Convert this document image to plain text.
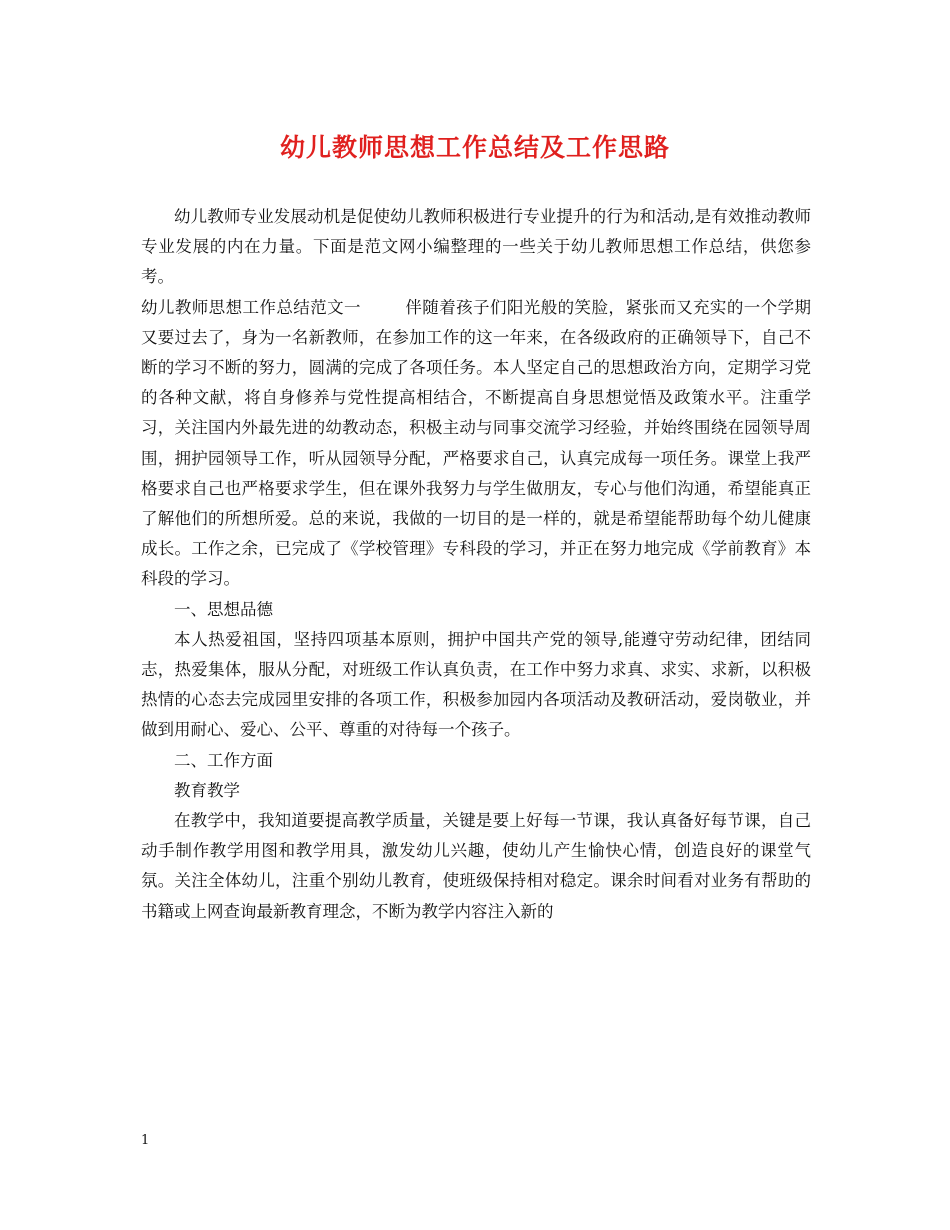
幼儿教师思想工作总结及工作思路

幼儿教师专业发展动机是促使幼儿教师积极进行专业提升的行为和活动,是有效推动教师专业发展的内在力量。下面是范文网小编整理的一些关于幼儿教师思想工作总结，供您参考。

幼儿教师思想工作总结范文一	伴随着孩子们阳光般的笑脸，紧张而又充实的一个学期又要过去了，身为一名新教师，在参加工作的这一年来，在各级政府的正确领导下，自己不断的学习不断的努力，圆满的完成了各项任务。本人坚定自己的思想政治方向，定期学习党的各种文献，将自身修养与党性提高相结合，不断提高自身思想觉悟及政策水平。注重学习，关注国内外最先进的幼教动态，积极主动与同事交流学习经验，并始终围绕在园领导周围，拥护园领导工作，听从园领导分配，严格要求自己，认真完成每一项任务。课堂上我严格要求自己也严格要求学生，但在课外我努力与学生做朋友，专心与他们沟通，希望能真正了解他们的所想所爱。总的来说，我做的一切目的是一样的，就是希望能帮助每个幼儿健康成长。工作之余，已完成了《学校管理》专科段的学习，并正在努力地完成《学前教育》本科段的学习。

一、思想品德

本人热爱祖国，坚持四项基本原则，拥护中国共产党的领导,能遵守劳动纪律，团结同志，热爱集体，服从分配，对班级工作认真负责，在工作中努力求真、求实、求新，以积极热情的心态去完成园里安排的各项工作，积极参加园内各项活动及教研活动，爱岗敬业，并做到用耐心、爱心、公平、尊重的对待每一个孩子。

二、工作方面

教育教学

在教学中，我知道要提高教学质量，关键是要上好每一节课，我认真备好每节课，自己动手制作教学用图和教学用具，激发幼儿兴趣，使幼儿产生愉快心情，创造良好的课堂气氛。关注全体幼儿，注重个别幼儿教育，使班级保持相对稳定。课余时间看对业务有帮助的书籍或上网查询最新教育理念，不断为教学内容注入新的

1
